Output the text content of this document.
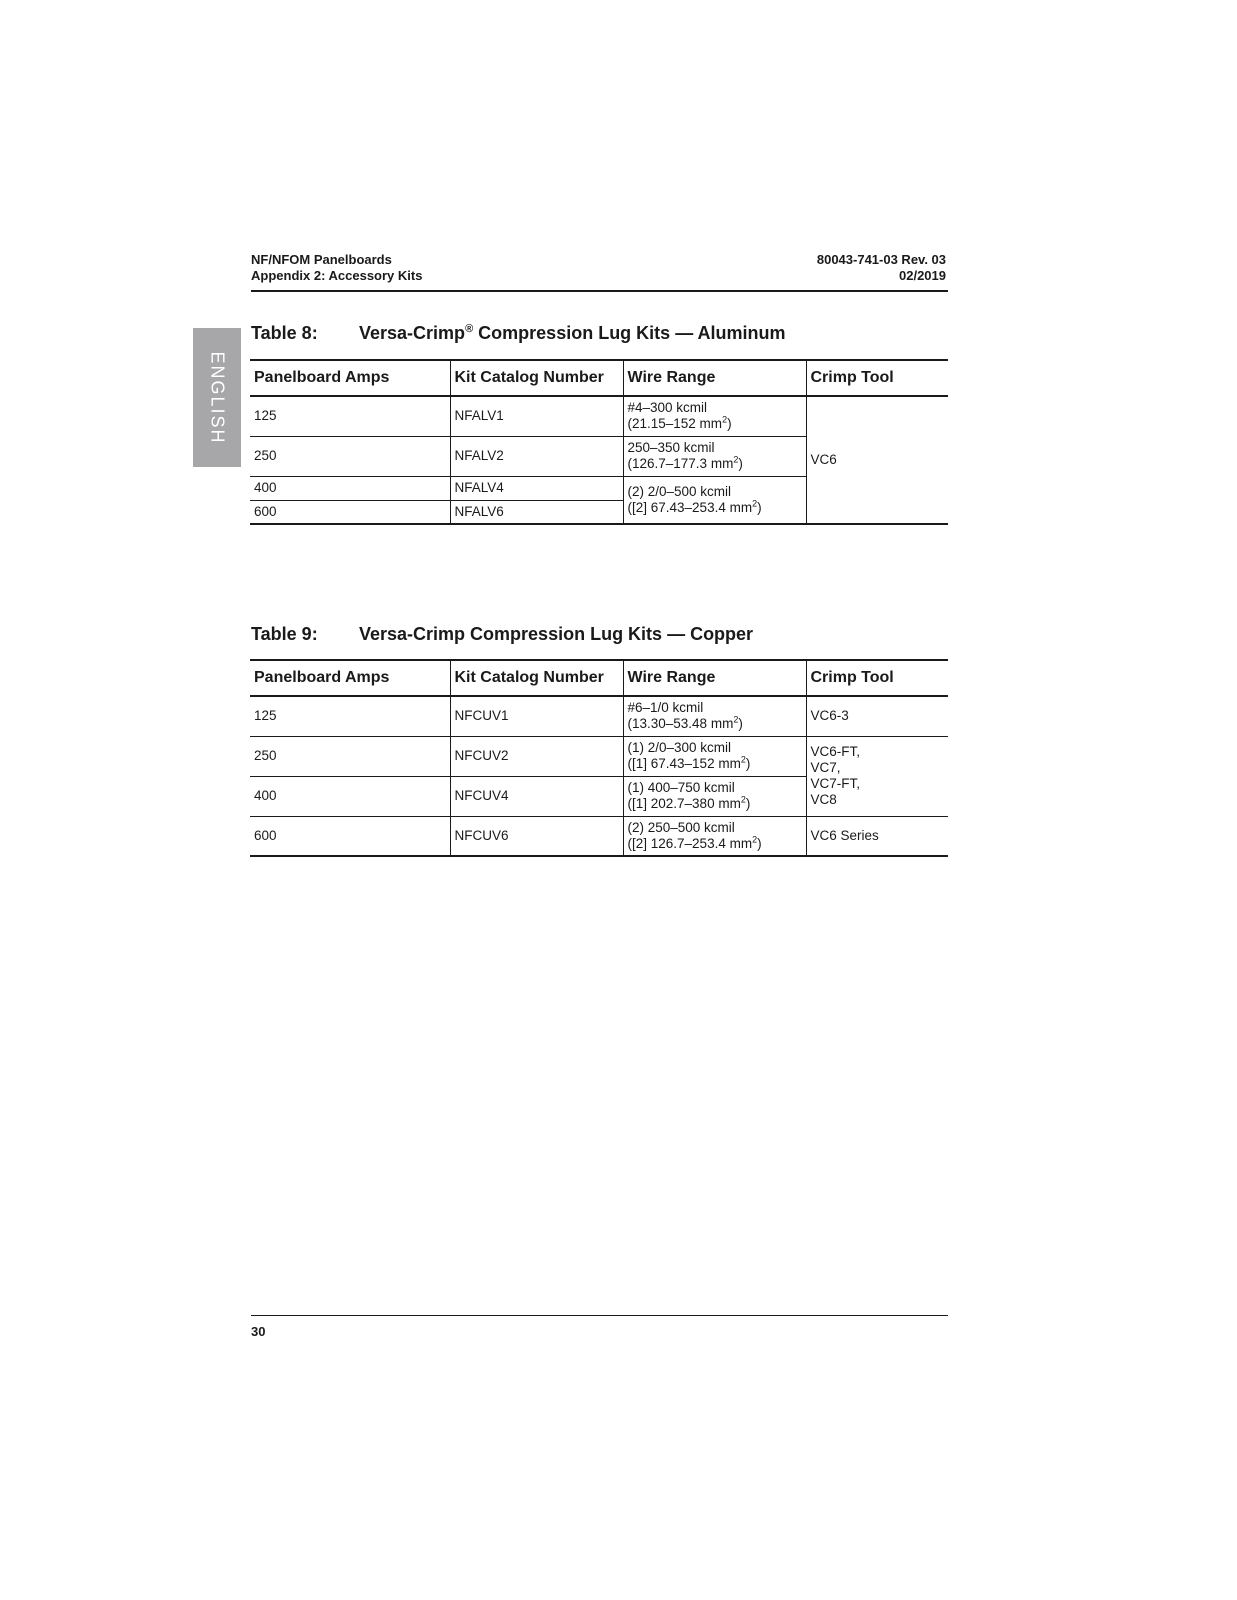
NF/NFOM Panelboards
Appendix 2: Accessory Kits
80043-741-03 Rev. 03
02/2019
ENGLISH
Table 8: Versa-Crimp® Compression Lug Kits — Aluminum
Panelboard Amps	Kit Catalog Number	Wire Range	Crimp Tool
125	NFALV1	#4–300 kcmil
(21.15–152 $mm^2$)	VC6
250	NFALV2	250–350 kcmil
(126.7–177.3 $mm^2$)	

400	NFALV4	(2) 2/0–500 kcmil
([2] 67.43–253.4 $mm^2$)	

600	NFALV6		
Table 9: Versa-Crimp Compression Lug Kits — Copper
Panelboard Amps	Kit Catalog Number	Wire Range	Crimp Tool
125	NFCUV1	#6–1/0 kcmil
(13.30–53.48 $mm^2$)	VC6-3
250	NFCUV2	(1) 2/0–300 kcmil
([1] 67.43–152 $mm^2$)	VC6-FT,
VC7,
VC7-FT,
VC8

400	NFCUV4	(1) 400–750 kcmil
([1] 202.7–380 $mm^2$)	

600	NFCUV6	(2) 250–500 kcmil
([2] 126.7–253.4 $mm^2$)	VC6 Series
30
